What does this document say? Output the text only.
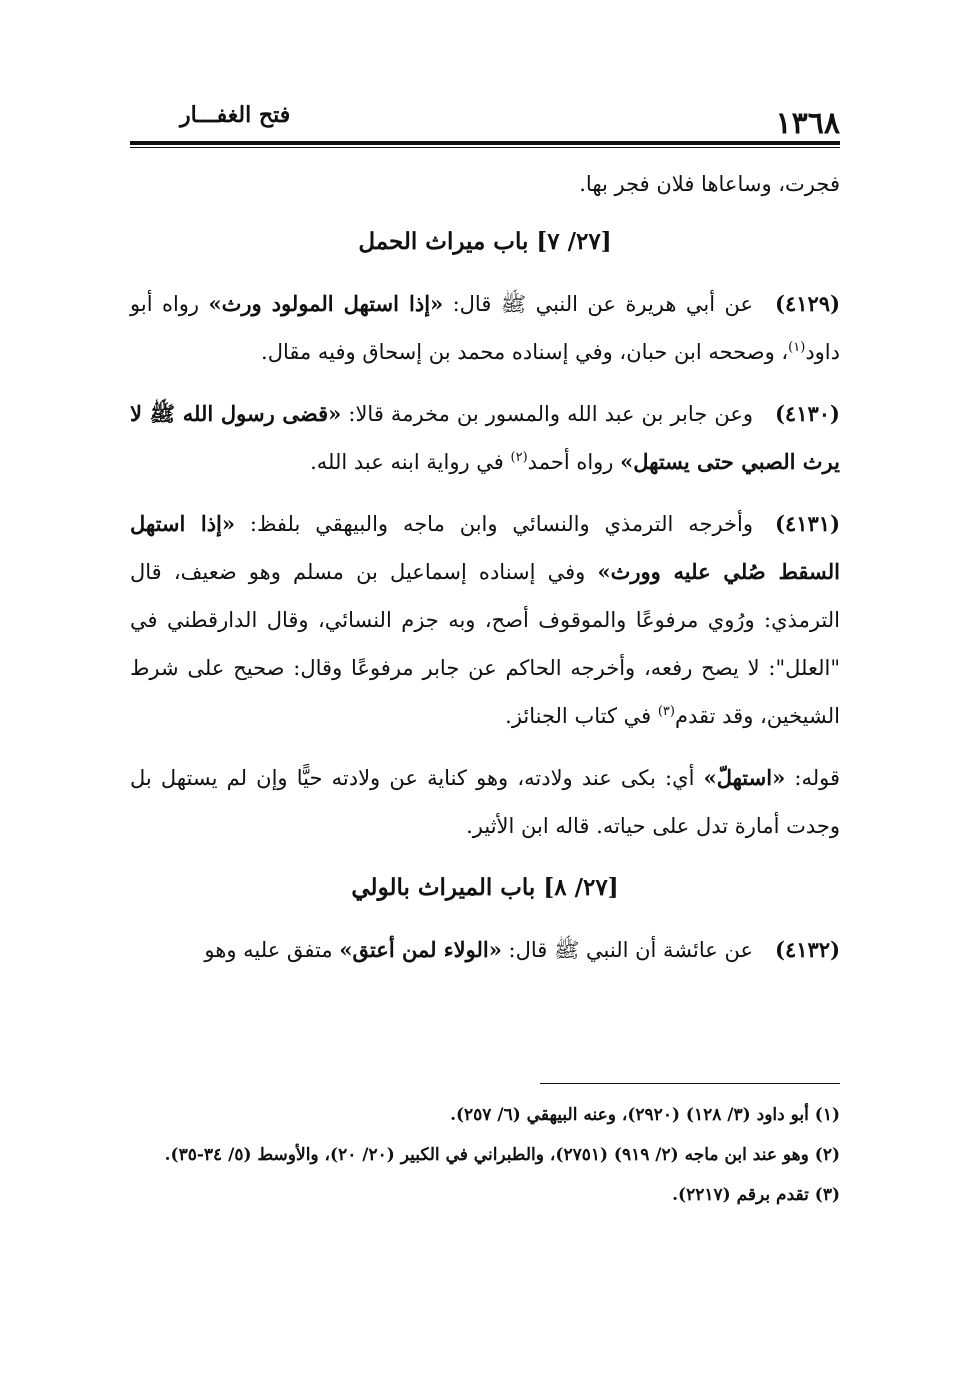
١٣٦٨
فتح الغفـــار

فجرت، وساعاها فلان فجر بها.

[٢٧/ ٧] باب ميراث الحمل

(٤١٢٩)عن أبي هريرة عن النبي ﷺ قال: «إذا استهل المولود ورث» رواه أبو داود$^{(١)}$، وصححه ابن حبان، وفي إسناده محمد بن إسحاق وفيه مقال.

(٤١٣٠)وعن جابر بن عبد الله والمسور بن مخرمة قالا: «قضى رسول الله ﷺ لا يرث الصبي حتى يستهل» رواه أحمد$^{(٢)}$ في رواية ابنه عبد الله.

(٤١٣١)وأخرجه الترمذي والنسائي وابن ماجه والبيهقي بلفظ: «إذا استهل السقط صُلي عليه وورث» وفي إسناده إسماعيل بن مسلم وهو ضعيف، قال الترمذي: ورُوي مرفوعًا والموقوف أصح، وبه جزم النسائي، وقال الدارقطني في "العلل": لا يصح رفعه، وأخرجه الحاكم عن جابر مرفوعًا وقال: صحيح على شرط الشيخين، وقد تقدم$^{(٣)}$ في كتاب الجنائز.

قوله: «استهلّ» أي: بكى عند ولادته، وهو كناية عن ولادته حيًّا وإن لم يستهل بل وجدت أمارة تدل على حياته. قاله ابن الأثير.

[٢٧/ ٨] باب الميراث بالولي

(٤١٣٢)عن عائشة أن النبي ﷺ قال: «الولاء لمن أعتق» متفق عليه وهو

(١) أبو داود (٣/ ١٢٨) (٢٩٢٠)، وعنه البيهقي (٦/ ٢٥٧).

(٢) وهو عند ابن ماجه (٢/ ٩١٩) (٢٧٥١)، والطبراني في الكبير (٢٠/ ٢٠)، والأوسط (٥/ ٣٤-٣٥).

(٣) تقدم برقم (٢٢١٧).
